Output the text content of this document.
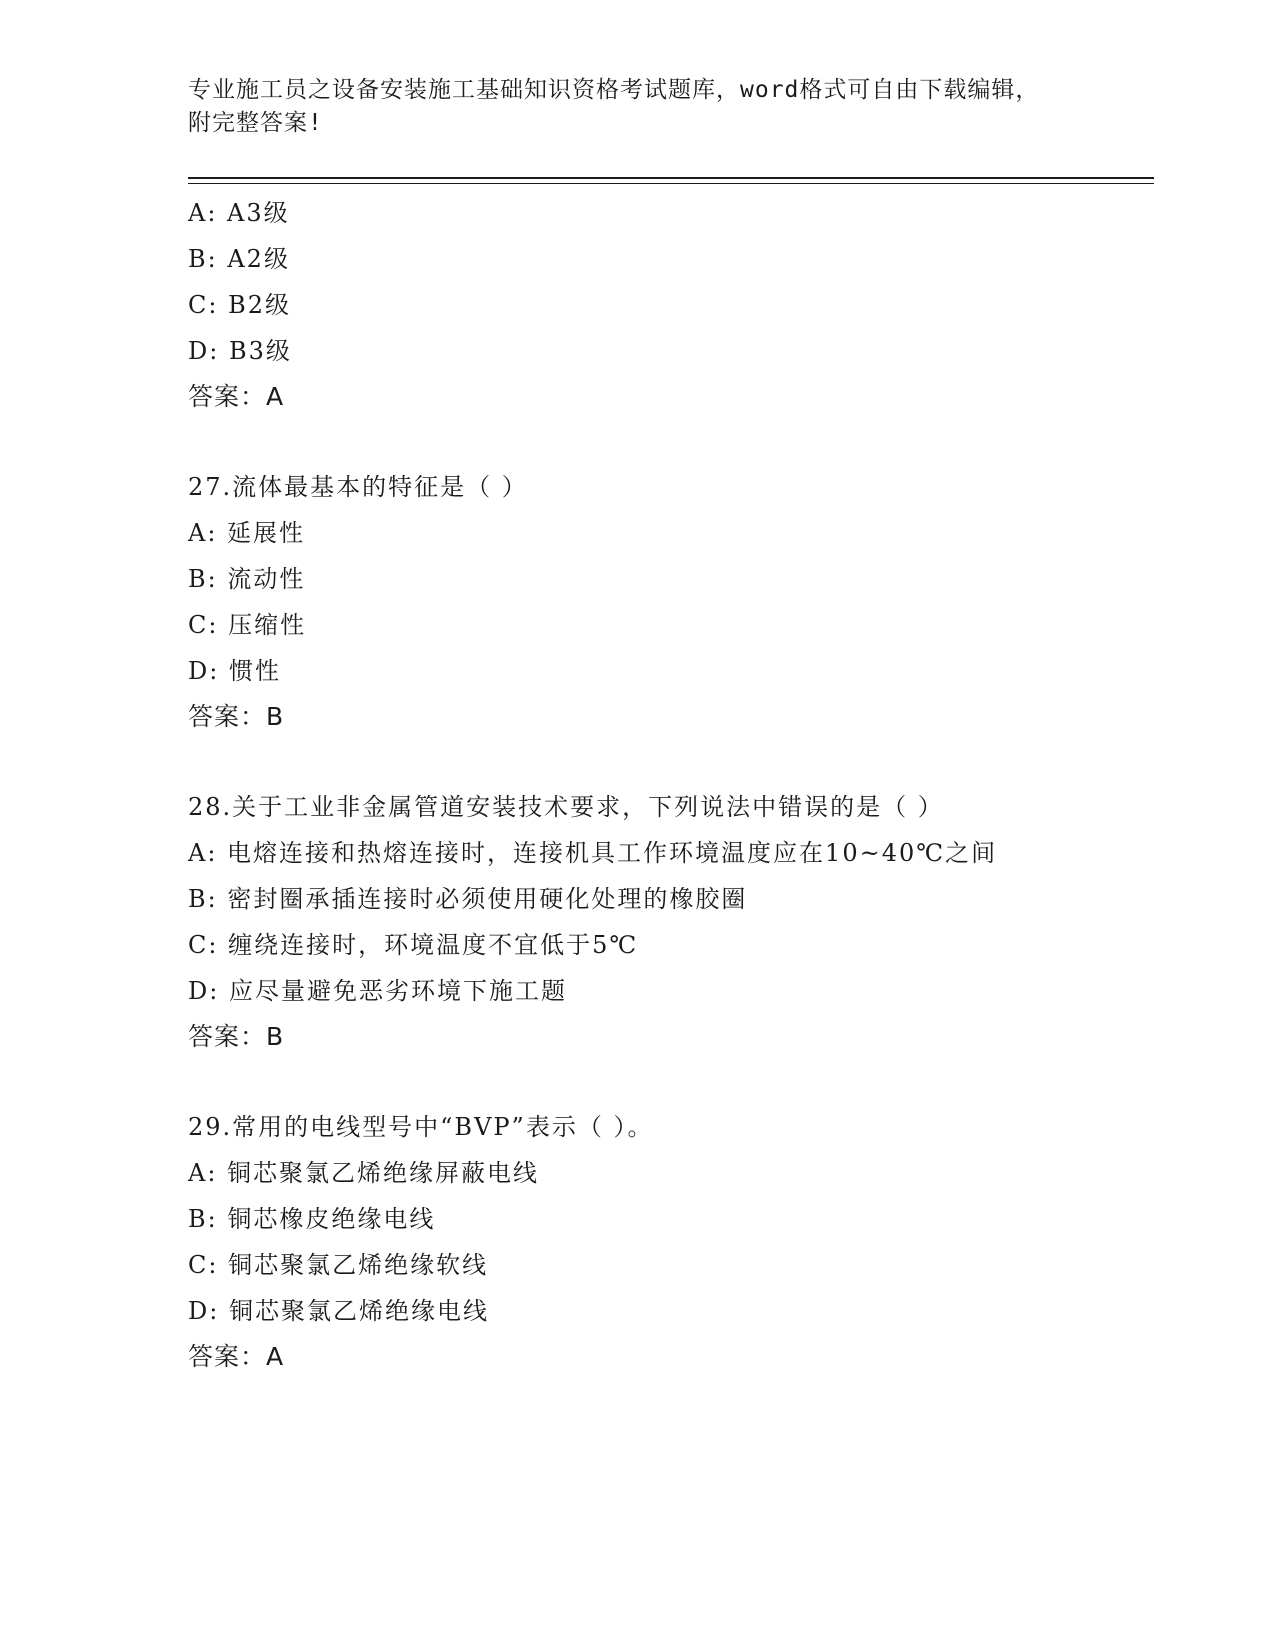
专业施工员之设备安装施工基础知识资格考试题库，word格式可自由下载编辑，
附完整答案!
A: A3级
B: A2级
C: B2级
D: B3级
答案：A
27.流体最基本的特征是（ ）
A: 延展性
B: 流动性
C: 压缩性
D: 惯性
答案：B
28.关于工业非金属管道安装技术要求，下列说法中错误的是（ ）
A: 电熔连接和热熔连接时，连接机具工作环境温度应在10~40℃之间
B: 密封圈承插连接时必须使用硬化处理的橡胶圈
C: 缠绕连接时，环境温度不宜低于5℃
D: 应尽量避免恶劣环境下施工题
答案：B
29.常用的电线型号中“BVP”表示（ ）。
A: 铜芯聚氯乙烯绝缘屏蔽电线
B: 铜芯橡皮绝缘电线
C: 铜芯聚氯乙烯绝缘软线
D: 铜芯聚氯乙烯绝缘电线
答案：A
